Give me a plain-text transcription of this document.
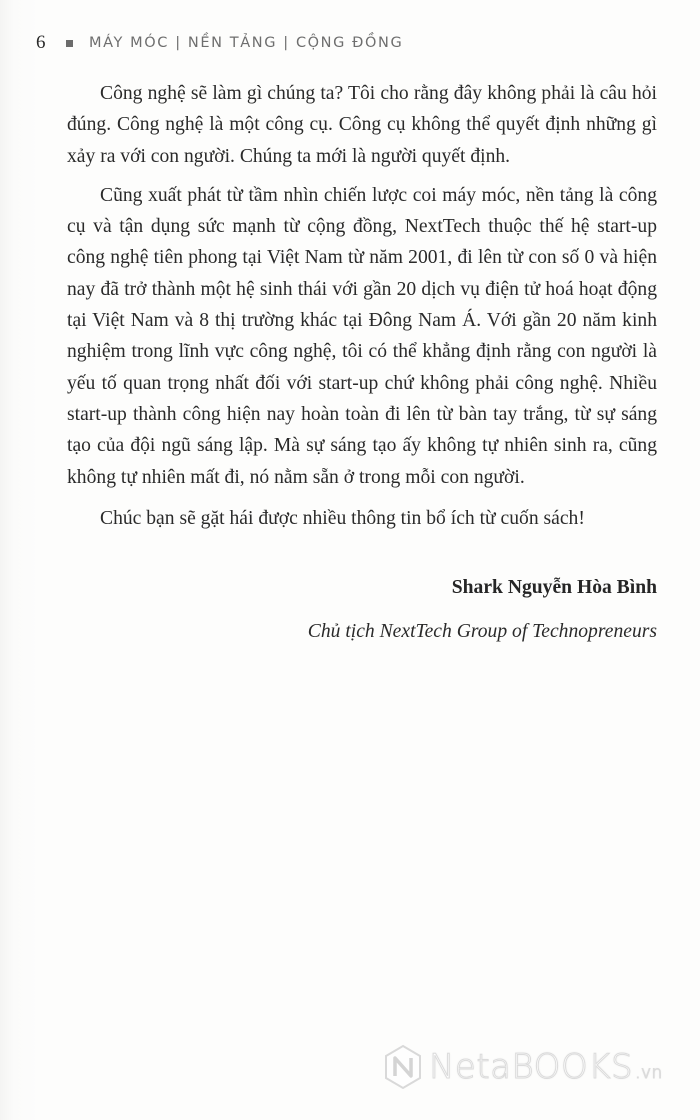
6	MÁY MÓC | NỀN TẢNG | CỘNG ĐỒNG

Công nghệ sẽ làm gì chúng ta? Tôi cho rằng đây không phải là câu hỏi đúng. Công nghệ là một công cụ. Công cụ không thể quyết định những gì xảy ra với con người. Chúng ta mới là người quyết định.

Cũng xuất phát từ tầm nhìn chiến lược coi máy móc, nền tảng là công cụ và tận dụng sức mạnh từ cộng đồng, NextTech thuộc thế hệ start-up công nghệ tiên phong tại Việt Nam từ năm 2001, đi lên từ con số 0 và hiện nay đã trở thành một hệ sinh thái với gần 20 dịch vụ điện tử hoá hoạt động tại Việt Nam và 8 thị trường khác tại Đông Nam Á. Với gần 20 năm kinh nghiệm trong lĩnh vực công nghệ, tôi có thể khẳng định rằng con người là yếu tố quan trọng nhất đối với start-up chứ không phải công nghệ. Nhiều start-up thành công hiện nay hoàn toàn đi lên từ bàn tay trắng, từ sự sáng tạo của đội ngũ sáng lập. Mà sự sáng tạo ấy không tự nhiên sinh ra, cũng không tự nhiên mất đi, nó nằm sẵn ở trong mỗi con người.

Chúc bạn sẽ gặt hái được nhiều thông tin bổ ích từ cuốn sách!

Shark Nguyễn Hòa Bình
Chủ tịch NextTech Group of Technopreneurs
NetaBOOKS .vn
